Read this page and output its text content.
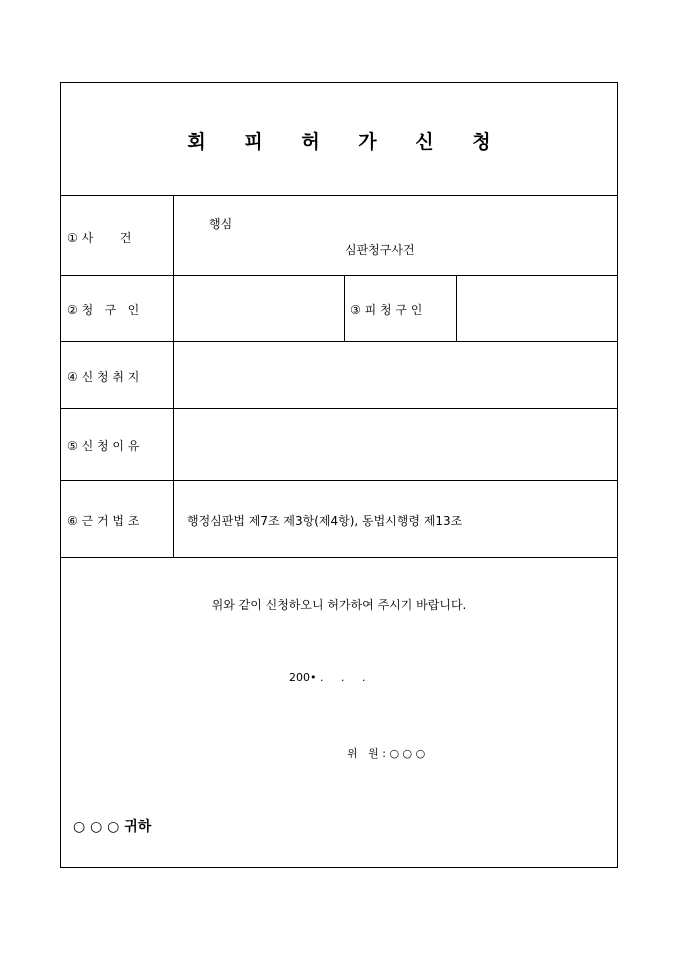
회 피 허 가 신 청
① 사       건
행심
심판청구사건
② 청   구   인	③ 피 청 구 인
④ 신 청 취 지
⑤ 신 청 이 유
⑥ 근 거 법 조	행정심판법 제7조 제3항(제4항), 동법시행령 제13조
위와 같이 신청하오니 허가하여 주시기 바랍니다.
200• .     .     .
위   원 : ○ ○ ○
○ ○ ○ 귀하
